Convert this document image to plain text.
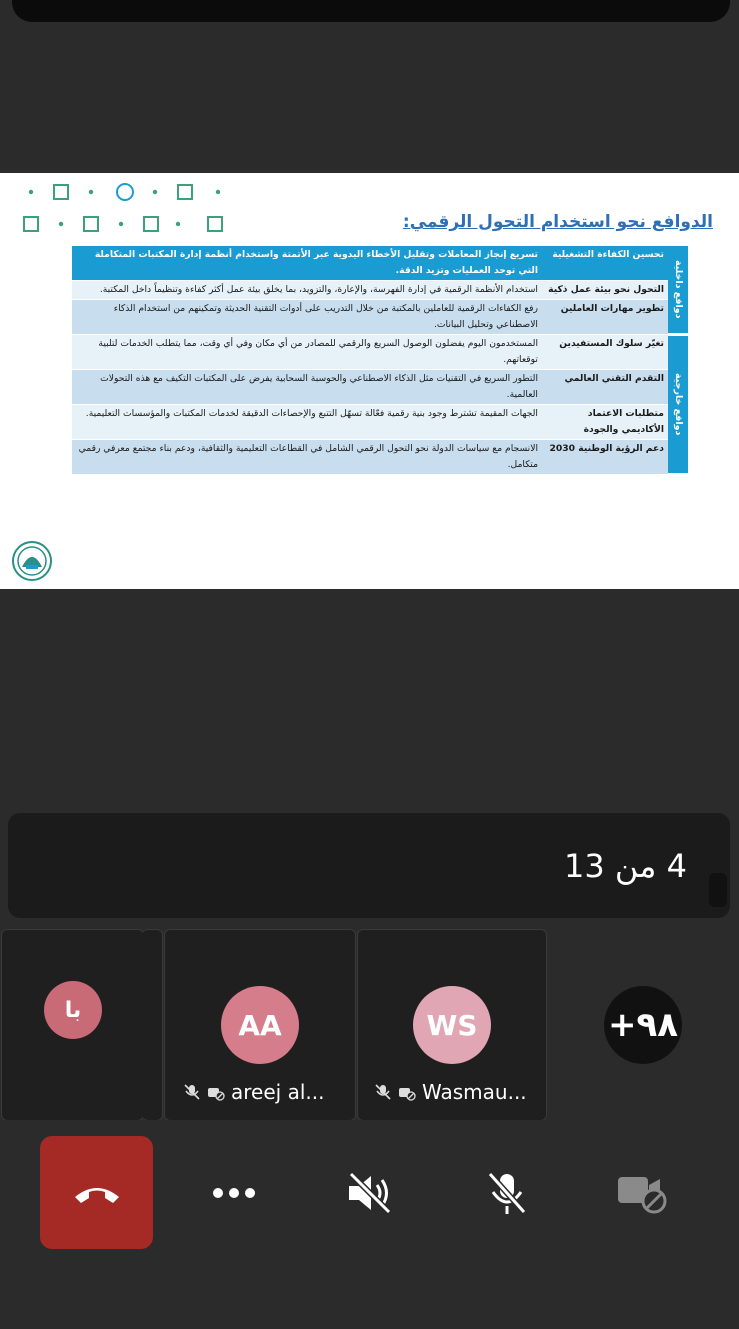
الدوافع نحو استخدام التحول الرقمي:
دوافع داخلية	تحسين الكفاءة التشغيلية	تسريع إنجاز المعاملات وتقليل الأخطاء اليدوية عبر الأتمتة واستخدام أنظمة إدارة المكتبات المتكاملة التي توحد العمليات وتزيد الدقة.
	التحول نحو بيئة عمل ذكية	استخدام الأنظمة الرقمية في إدارة الفهرسة، والإعارة، والتزويد، بما يخلق بيئة عمل أكثر كفاءة وتنظيماً داخل المكتبة.
	تطوير مهارات العاملين	رفع الكفاءات الرقمية للعاملين بالمكتبة من خلال التدريب على أدوات التقنية الحديثة وتمكينهم من استخدام الذكاء الاصطناعي وتحليل البيانات.

دوافع خارجية	تغيّر سلوك المستفيدين	المستخدمون اليوم يفضلون الوصول السريع والرقمي للمصادر من أي مكان وفي أي وقت، مما يتطلب الخدمات لتلبية توقعاتهم.
	التقدم التقني العالمي	التطور السريع في التقنيات مثل الذكاء الاصطناعي والحوسبة السحابية يفرض على المكتبات التكيف مع هذه التحولات العالمية.
	متطلبات الاعتماد الأكاديمي والجودة	الجهات المقيمة تشترط وجود بنية رقمية فعّالة تسهّل التتبع والإحصاءات الدقيقة لخدمات المكتبات والمؤسسات التعليمية.
	دعم الرؤية الوطنية 2030	الانسجام مع سياسات الدولة نحو التحول الرقمي الشامل في القطاعات التعليمية والثقافية، ودعم بناء مجتمع معرفي رقمي متكامل.
4 من 13
با	AA
areej al...
WS
Wasmau...
+٩٨
